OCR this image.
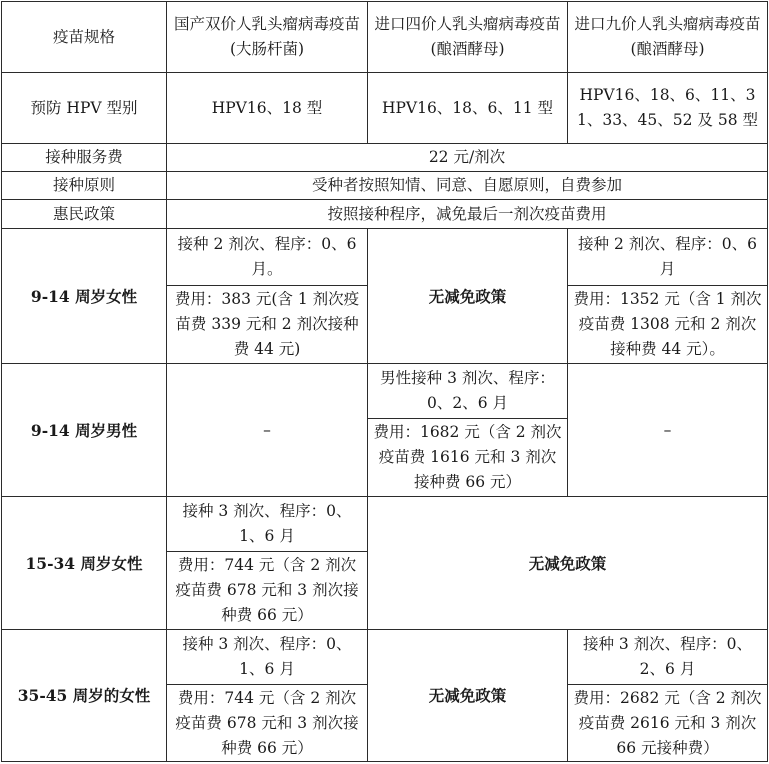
疫苗规格	国产双价人乳头瘤病毒疫苗(大肠杆菌)	进口四价人乳头瘤病毒疫苗(酿酒酵母)	进口九价人乳头瘤病毒疫苗(酿酒酵母)
预防 HPV 型别	HPV16、18 型	HPV16、18、6、11 型	HPV16、18、6、11、31、33、45、52 及 58 型
接种服务费	22 元/剂次		
接种原则	受种者按照知情、同意、自愿原则，自费参加		
惠民政策	按照接种程序，减免最后一剂次疫苗费用		
9-14 周岁女性	接种 2 剂次、程序：0、6 月。	无减免政策	接种 2 剂次、程序：0、6 月
	费用：383 元(含 1 剂次疫苗费 339 元和 2 剂次接种费 44 元)		费用：1352 元（含 1 剂次疫苗费 1308 元和 2 剂次接种费 44 元）。
9-14 周岁男性	–	男性接种 3 剂次、程序：0、2、6 月	–
		费用：1682 元（含 2 剂次疫苗费 1616 元和 3 剂次接种费 66 元）	
15-34 周岁女性	接种 3 剂次、程序：0、1、6 月	无减免政策	
	费用：744 元（含 2 剂次疫苗费 678 元和 3 剂次接种费 66 元）		
35-45 周岁的女性	接种 3 剂次、程序：0、1、6 月	无减免政策	接种 3 剂次、程序：0、2、6 月
	费用：744 元（含 2 剂次疫苗费 678 元和 3 剂次接种费 66 元）		费用：2682 元（含 2 剂次疫苗费 2616 元和 3 剂次 66 元接种费）
